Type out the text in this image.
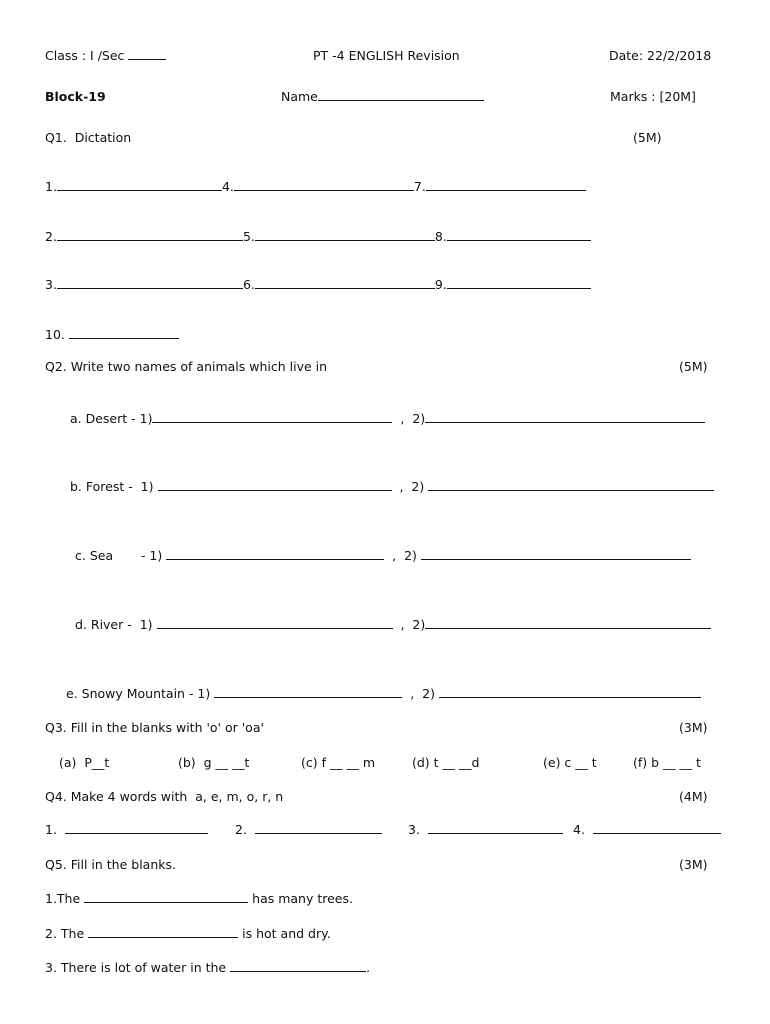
Class : I /Sec	PT -4 ENGLISH Revision	Date: 22/2/2018
Block-19	Name	Marks : [20M]
Q1.  Dictation	(5M)
1.	4.	7.
2.	5.	8.
3.	6.	9.
10.
Q2. Write two names of animals which live in	(5M)
a. Desert - 1)	,  2)
b. Forest -  1)	,  2)
c. Sea       - 1)	,  2)
d. River -  1)	,  2)
e. Snowy Mountain - 1)	,  2)
Q3. Fill in the blanks with 'o' or 'oa'	(3M)
(a)  P__t	(b)  g __ __t	(c) f __ __ m	(d) t __ __d	(e) c __ t	(f) b __ __ t
Q4. Make 4 words with  a, e, m, o, r, n	(4M)
1.	2.	3.	4.
Q5. Fill in the blanks.	(3M)
1.The	has many trees.
2. The	is hot and dry.
3. There is lot of water in the	.
